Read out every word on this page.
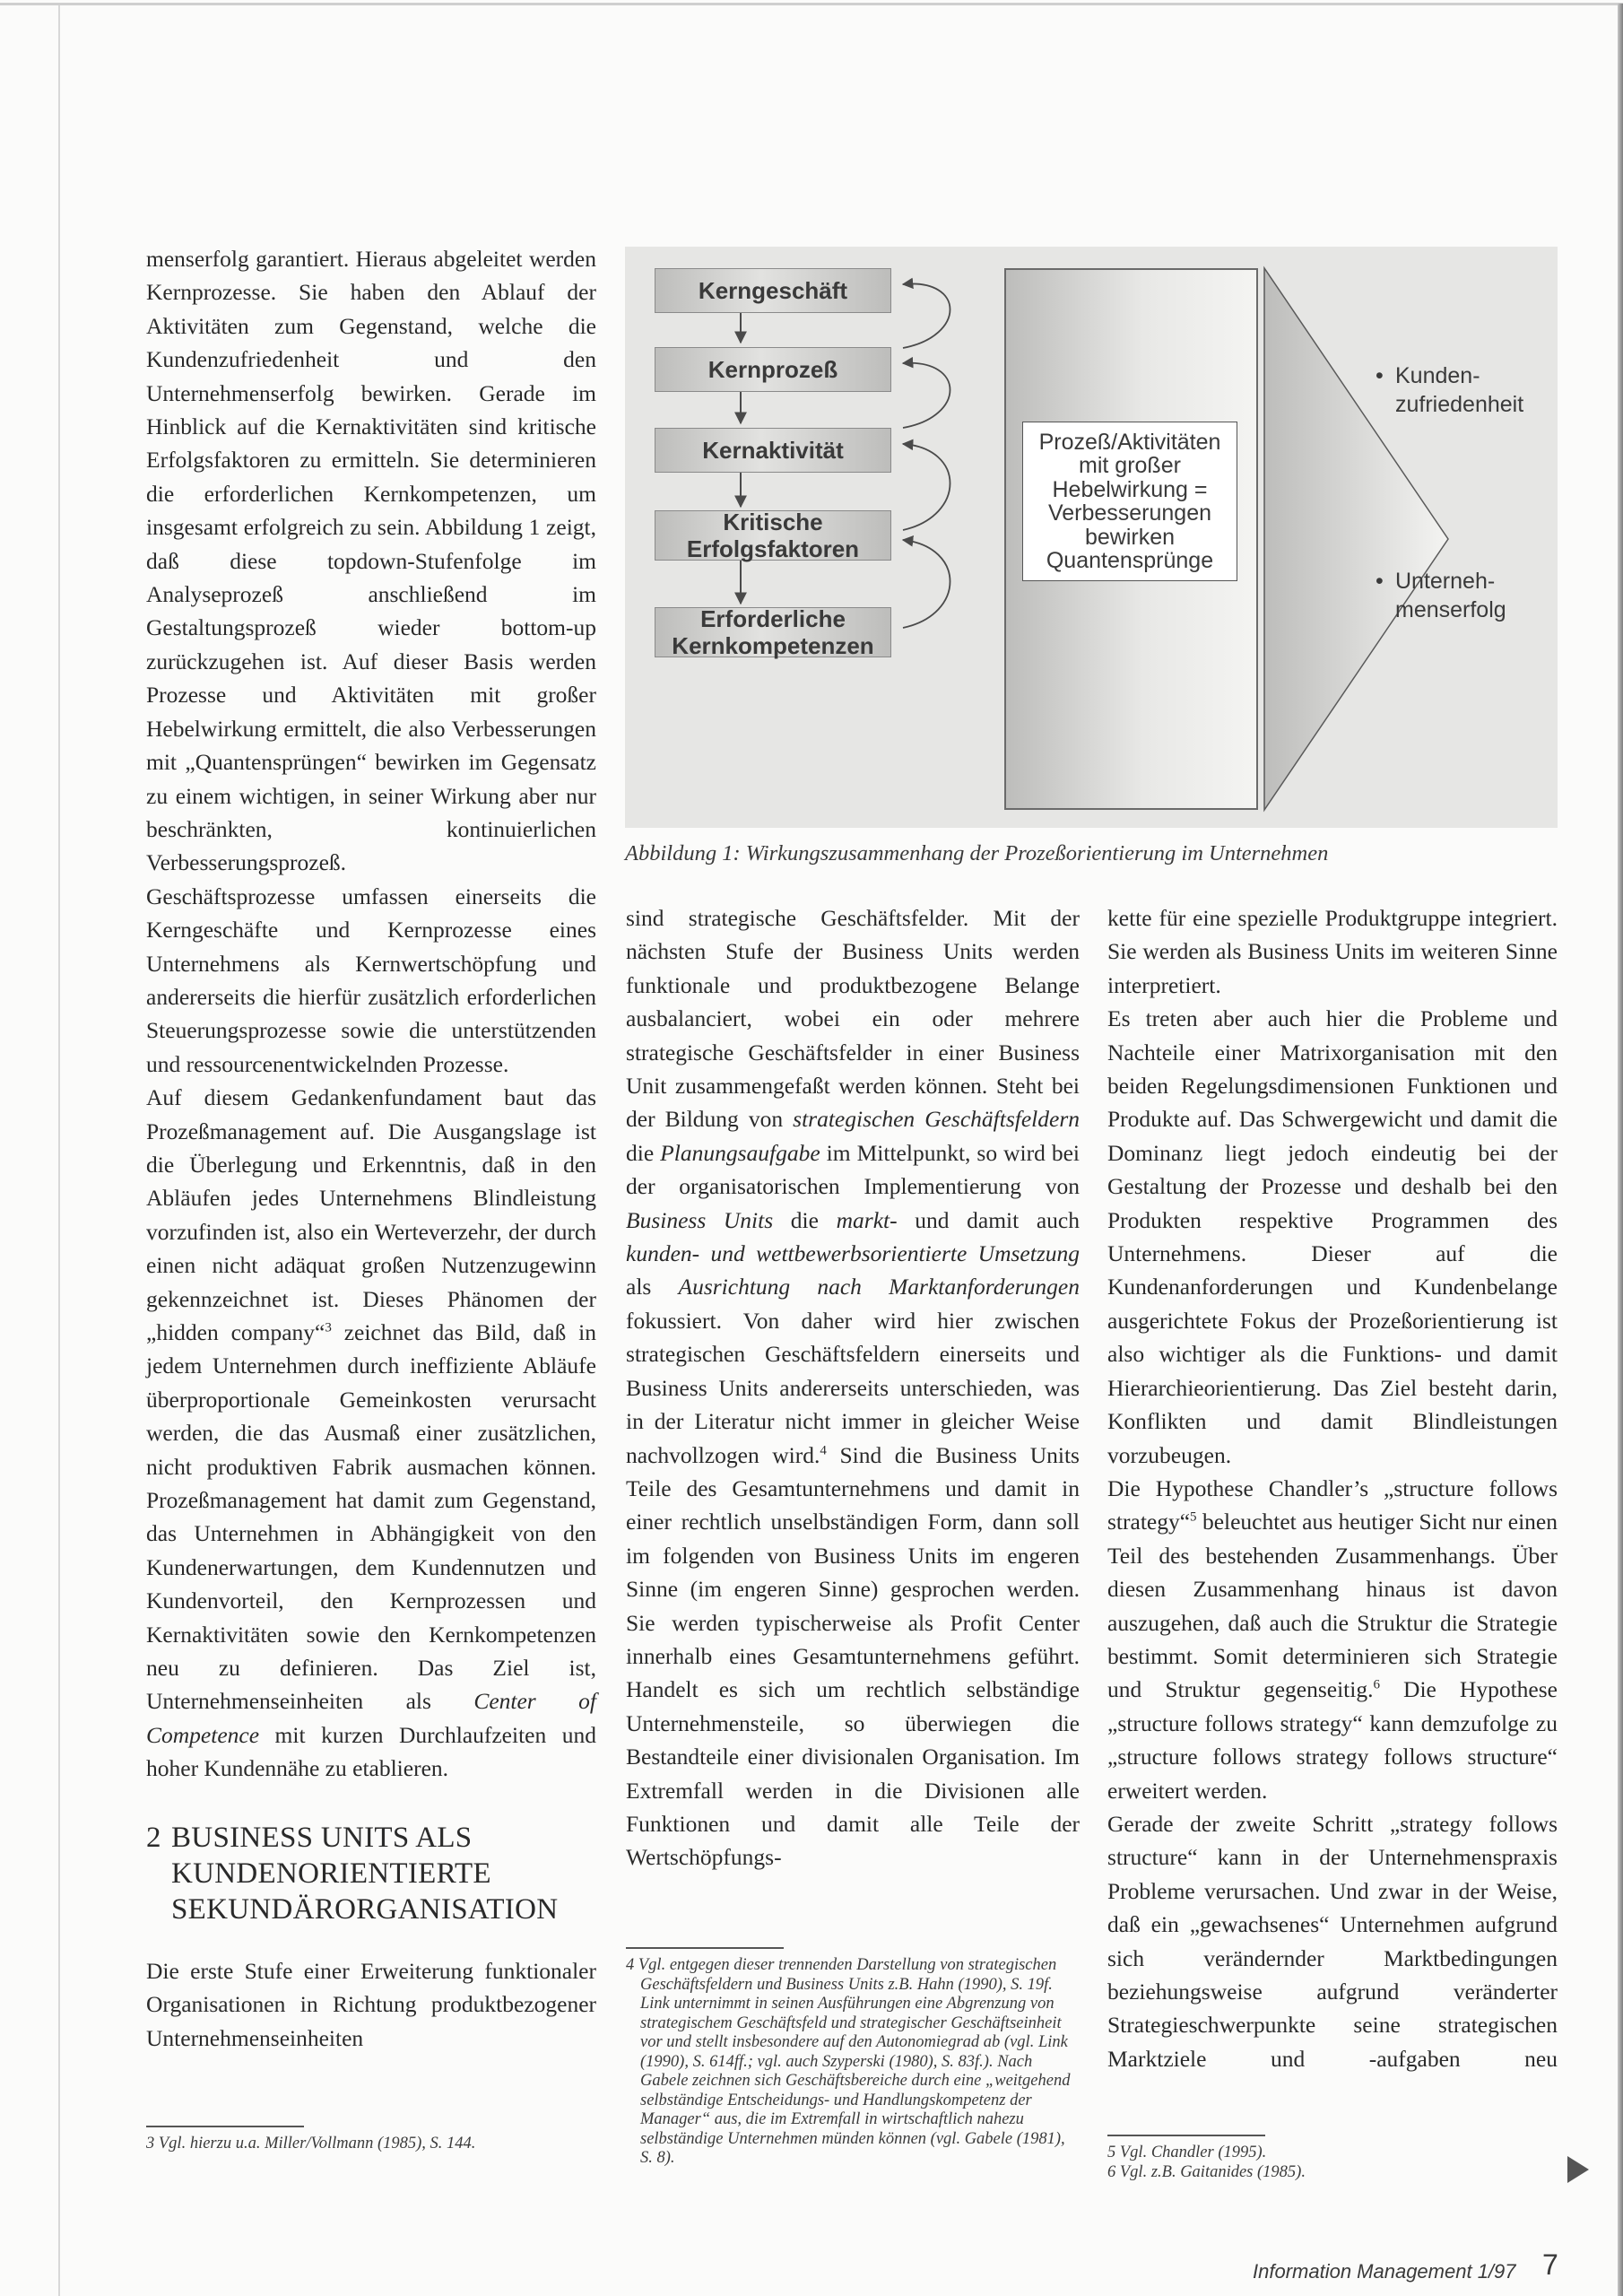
Kerngeschäft
Kernprozeß
Kernaktivität
Kritische Erfolgsfaktoren
Erforderliche Kernkompetenzen
Prozeß/Aktivitäten
mit großer
Hebelwirkung =
Verbesserungen
bewirken
Quantensprünge
• Kunden-
zufriedenheit
• Unterneh-
menserfolg
Abbildung 1: Wirkungszusammenhang der Prozeßorientierung im Unternehmen

menserfolg garantiert. Hieraus abgeleitet werden Kernprozesse. Sie haben den Ablauf der Aktivitäten zum Gegenstand, welche die Kundenzufriedenheit und den Unternehmenserfolg bewirken. Gerade im Hinblick auf die Kernaktivitäten sind kritische Erfolgsfaktoren zu ermitteln. Sie determinieren die erforderlichen Kernkompetenzen, um insgesamt erfolgreich zu sein. Abbildung 1 zeigt, daß diese topdown-Stufenfolge im Analyseprozeß anschließend im Gestaltungsprozeß wieder bottom-up zurückzugehen ist. Auf dieser Basis werden Prozesse und Aktivitäten mit großer Hebelwirkung ermittelt, die also Verbesserungen mit „Quantensprüngen“ bewirken im Gegensatz zu einem wichtigen, in seiner Wirkung aber nur beschränkten, kontinuierlichen Verbesserungsprozeß.

Geschäftsprozesse umfassen einerseits die Kerngeschäfte und Kernprozesse eines Unternehmens als Kernwertschöpfung und andererseits die hierfür zusätzlich erforderlichen Steuerungsprozesse sowie die unterstützenden und ressourcenentwickelnden Prozesse.

Auf diesem Gedankenfundament baut das Prozeßmanagement auf. Die Ausgangslage ist die Überlegung und Erkenntnis, daß in den Abläufen jedes Unternehmens Blindleistung vorzufinden ist, also ein Werteverzehr, der durch einen nicht adäquat großen Nutzenzugewinn gekennzeichnet ist. Dieses Phänomen der „hidden company“$^3$ zeichnet das Bild, daß in jedem Unternehmen durch ineffiziente Abläufe überproportionale Gemeinkosten verursacht werden, die das Ausmaß einer zusätzlichen, nicht produktiven Fabrik ausmachen können. Prozeßmanagement hat damit zum Gegenstand, das Unternehmen in Abhängigkeit von den Kundenerwartungen, dem Kundennutzen und Kundenvorteil, den Kernprozessen und Kernaktivitäten sowie den Kernkompetenzen neu zu definieren. Das Ziel ist, Unternehmenseinheiten als Center of Competence mit kurzen Durchlaufzeiten und hoher Kundennähe zu etablieren.

2 BUSINESS UNITS ALS
KUNDENORIENTIERTE
SEKUNDÄRORGANISATION

Die erste Stufe einer Erweiterung funktionaler Organisationen in Richtung produktbezogener Unternehmenseinheiten

3 Vgl. hierzu u.a. Miller/Vollmann (1985), S. 144.

sind strategische Geschäftsfelder. Mit der nächsten Stufe der Business Units werden funktionale und produktbezogene Belange ausbalanciert, wobei ein oder mehrere strategische Geschäftsfelder in einer Business Unit zusammengefaßt werden können. Steht bei der Bildung von strategischen Geschäftsfeldern die Planungsaufgabe im Mittelpunkt, so wird bei der organisatorischen Implementierung von Business Units die markt- und damit auch kunden- und wettbewerbsorientierte Umsetzung als Ausrichtung nach Marktanforderungen fokussiert. Von daher wird hier zwischen strategischen Geschäftsfeldern einerseits und Business Units andererseits unterschieden, was in der Literatur nicht immer in gleicher Weise nachvollzogen wird.$^4$ Sind die Business Units Teile des Gesamtunternehmens und damit in einer rechtlich unselbständigen Form, dann soll im folgenden von Business Units im engeren Sinne (im engeren Sinne) gesprochen werden. Sie werden typischerweise als Profit Center innerhalb eines Gesamtunternehmens geführt. Handelt es sich um rechtlich selbständige Unternehmensteile, so überwiegen die Bestandteile einer divisionalen Organisation. Im Extremfall werden in die Divisionen alle Funktionen und damit alle Teile der Wertschöpfungs-

4 Vgl. entgegen dieser trennenden Darstellung von strategischen Geschäftsfeldern und Business Units z.B. Hahn (1990), S. 19f. Link unternimmt in seinen Ausführungen eine Abgrenzung von strategischem Geschäftsfeld und strategischer Geschäftseinheit vor und stellt insbesondere auf den Autonomiegrad ab (vgl. Link (1990), S. 614ff.; vgl. auch Szyperski (1980), S. 83f.). Nach Gabele zeichnen sich Geschäftsbereiche durch eine „weitgehend selbständige Entscheidungs- und Handlungskompetenz der Manager“ aus, die im Extremfall in wirtschaftlich nahezu selbständige Unternehmen münden können (vgl. Gabele (1981), S. 8).

kette für eine spezielle Produktgruppe integriert. Sie werden als Business Units im weiteren Sinne interpretiert.

Es treten aber auch hier die Probleme und Nachteile einer Matrixorganisation mit den beiden Regelungsdimensionen Funktionen und Produkte auf. Das Schwergewicht und damit die Dominanz liegt jedoch eindeutig bei der Gestaltung der Prozesse und deshalb bei den Produkten respektive Programmen des Unternehmens. Dieser auf die Kundenanforderungen und Kundenbelange ausgerichtete Fokus der Prozeßorientierung ist also wichtiger als die Funktions- und damit Hierarchieorientierung. Das Ziel besteht darin, Konflikten und damit Blindleistungen vorzubeugen.

Die Hypothese Chandler’s „structure follows strategy“$^5$ beleuchtet aus heutiger Sicht nur einen Teil des bestehenden Zusammenhangs. Über diesen Zusammenhang hinaus ist davon auszugehen, daß auch die Struktur die Strategie bestimmt. Somit determinieren sich Strategie und Struktur gegenseitig.$^6$ Die Hypothese „structure follows strategy“ kann demzufolge zu „structure follows strategy follows structure“ erweitert werden.

Gerade der zweite Schritt „strategy follows structure“ kann in der Unternehmenspraxis Probleme verursachen. Und zwar in der Weise, daß ein „gewachsenes“ Unternehmen aufgrund sich verändernder Marktbedingungen beziehungsweise aufgrund veränderter Strategieschwerpunkte seine strategischen Marktziele und -aufgaben neu

5 Vgl. Chandler (1995).
6 Vgl. z.B. Gaitanides (1985).
Information Management 1/97 7
